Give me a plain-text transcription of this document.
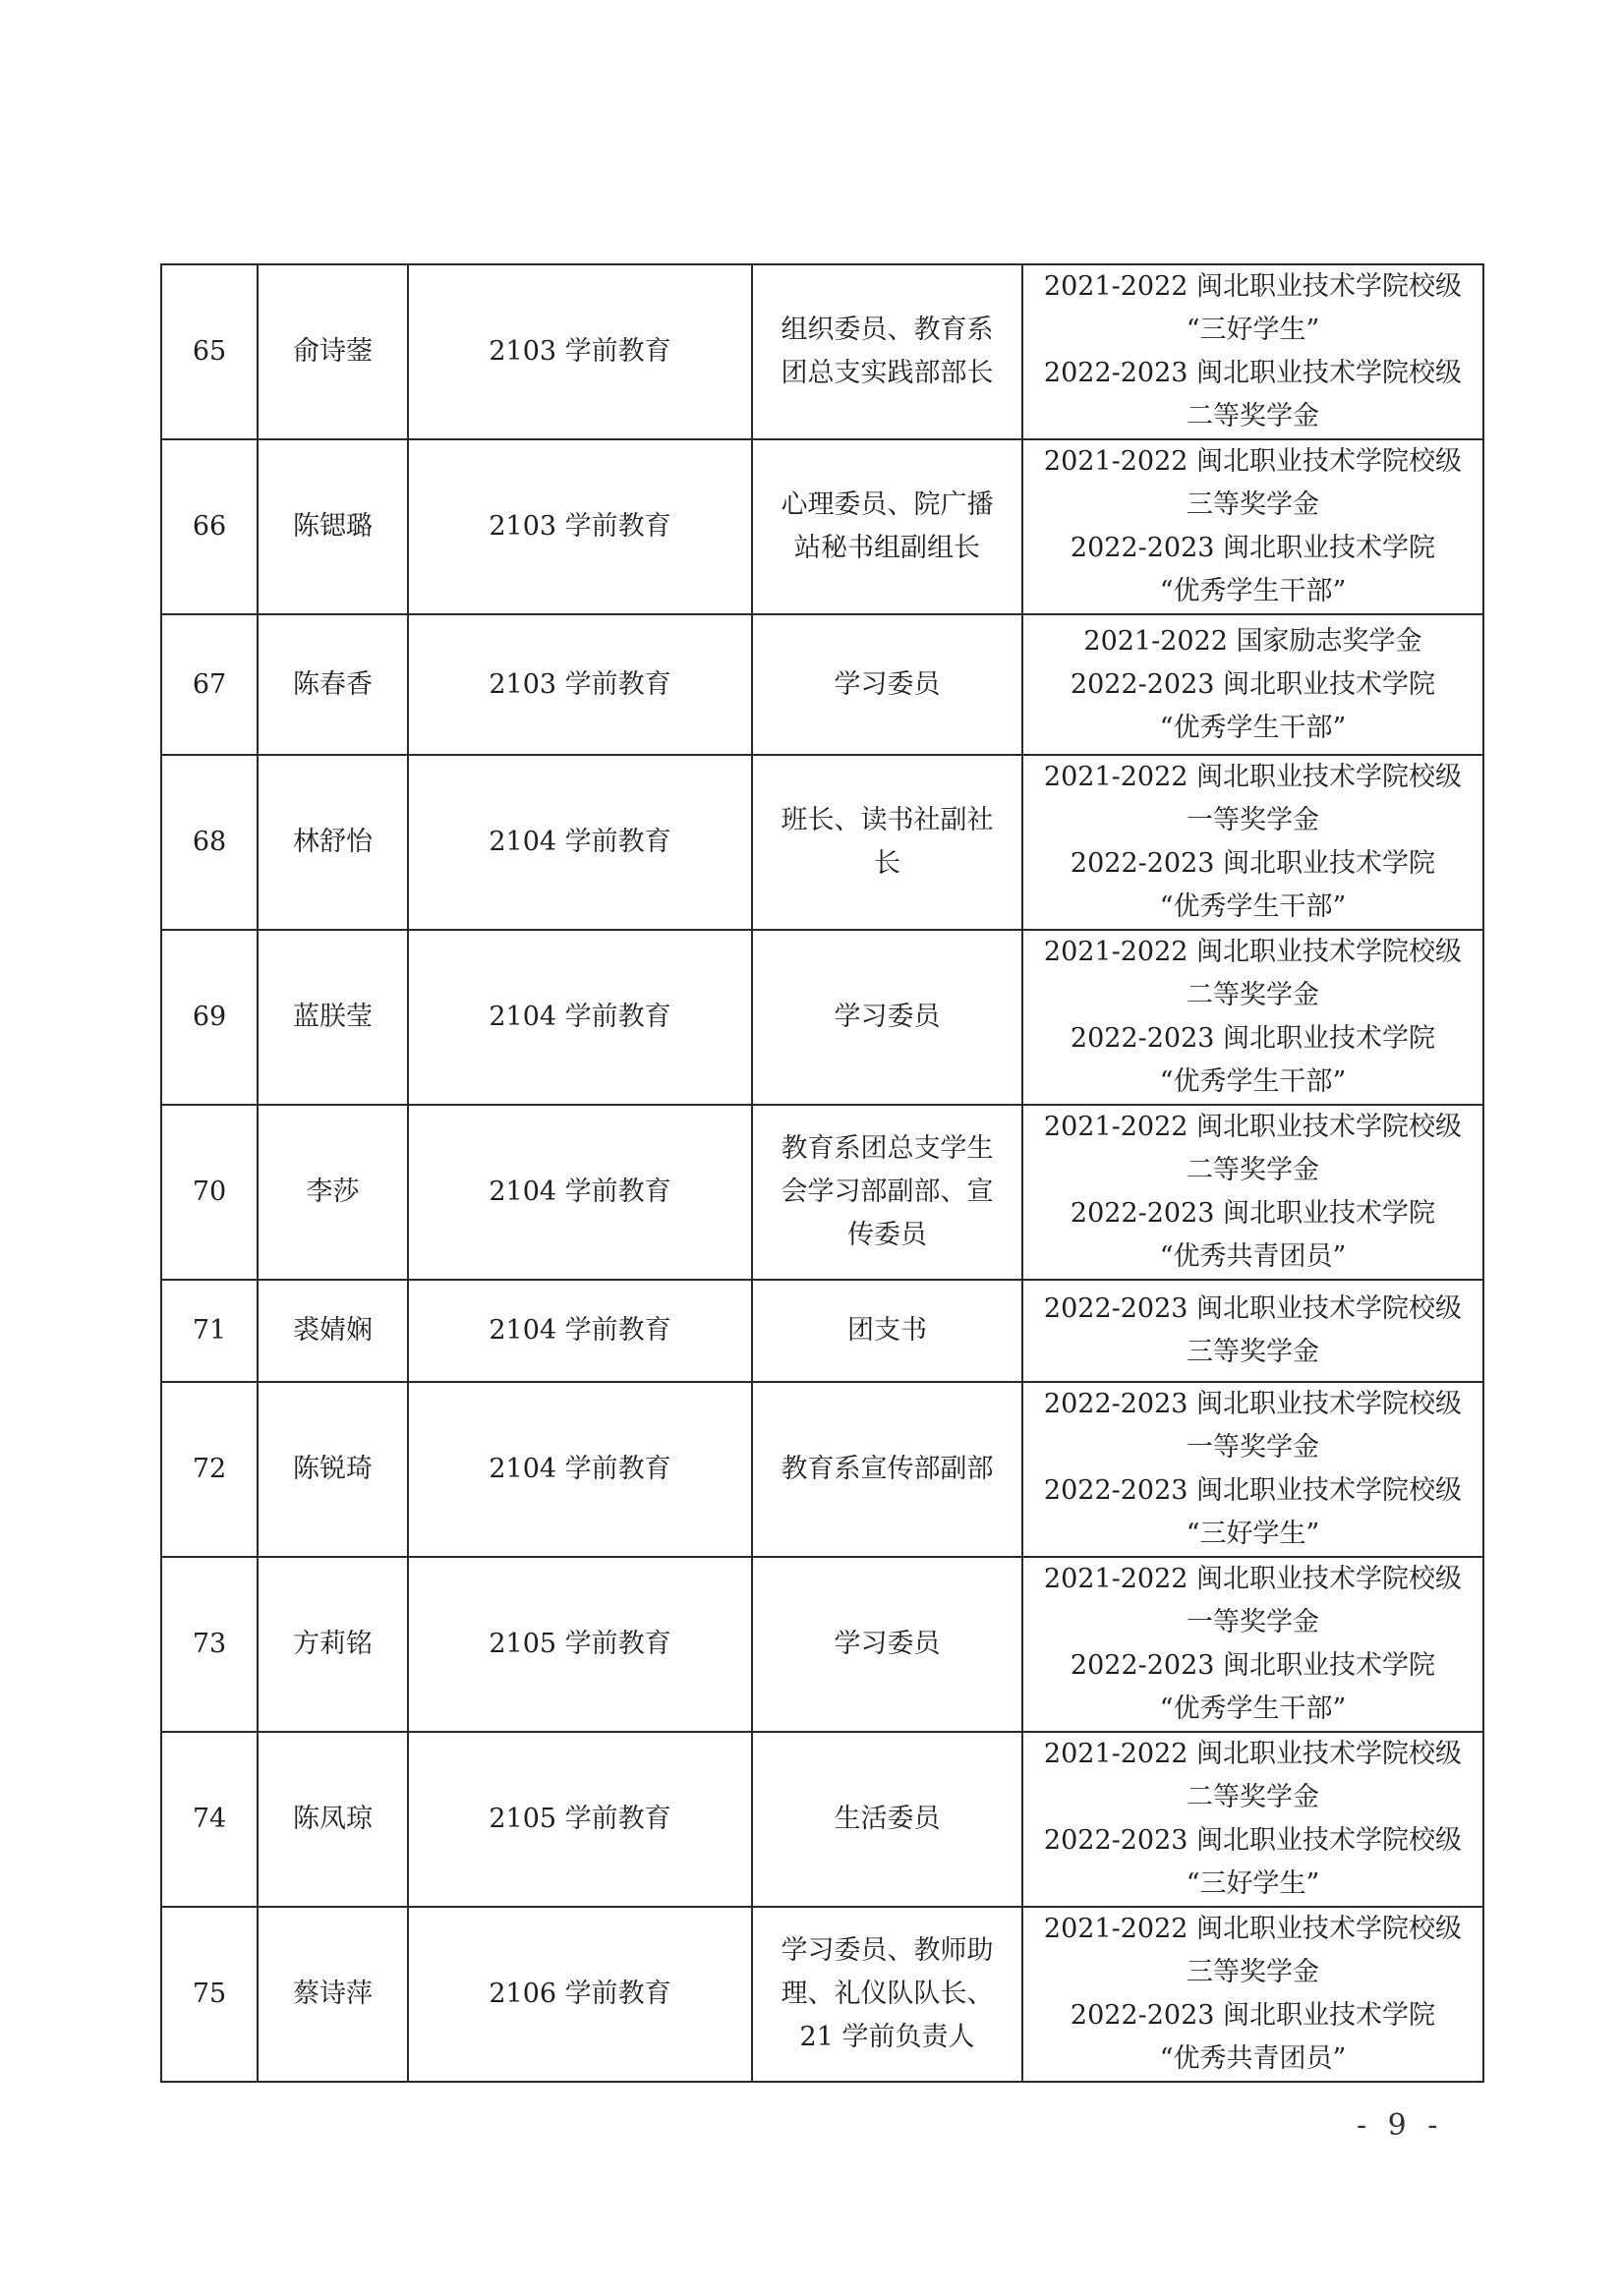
65	俞诗蓥	2103 学前教育	组织委员、教育系
团总支实践部部长	2021-2022 闽北职业技术学院校级
“三好学生”
2022-2023 闽北职业技术学院校级
二等奖学金

66	陈锶璐	2103 学前教育	心理委员、院广播
站秘书组副组长	2021-2022 闽北职业技术学院校级
三等奖学金
2022-2023 闽北职业技术学院
“优秀学生干部”

67	陈春香	2103 学前教育	学习委员	2021-2022 国家励志奖学金
2022-2023 闽北职业技术学院
“优秀学生干部”

68	林舒怡	2104 学前教育	班长、读书社副社
长	2021-2022 闽北职业技术学院校级
一等奖学金
2022-2023 闽北职业技术学院
“优秀学生干部”

69	蓝朕莹	2104 学前教育	学习委员	2021-2022 闽北职业技术学院校级
二等奖学金
2022-2023 闽北职业技术学院
“优秀学生干部”

70	李莎	2104 学前教育	教育系团总支学生
会学习部副部、宣
传委员	2021-2022 闽北职业技术学院校级
二等奖学金
2022-2023 闽北职业技术学院
“优秀共青团员”

71	裘婧娴	2104 学前教育	团支书	2022-2023 闽北职业技术学院校级
三等奖学金

72	陈锐琦	2104 学前教育	教育系宣传部副部	2022-2023 闽北职业技术学院校级
一等奖学金
2022-2023 闽北职业技术学院校级
“三好学生”

73	方莉铭	2105 学前教育	学习委员	2021-2022 闽北职业技术学院校级
一等奖学金
2022-2023 闽北职业技术学院
“优秀学生干部”

74	陈凤琼	2105 学前教育	生活委员	2021-2022 闽北职业技术学院校级
二等奖学金
2022-2023 闽北职业技术学院校级
“三好学生”

75	蔡诗萍	2106 学前教育	学习委员、教师助
理、礼仪队队长、
21 学前负责人	2021-2022 闽北职业技术学院校级
三等奖学金
2022-2023 闽北职业技术学院
“优秀共青团员”
- 9 -
